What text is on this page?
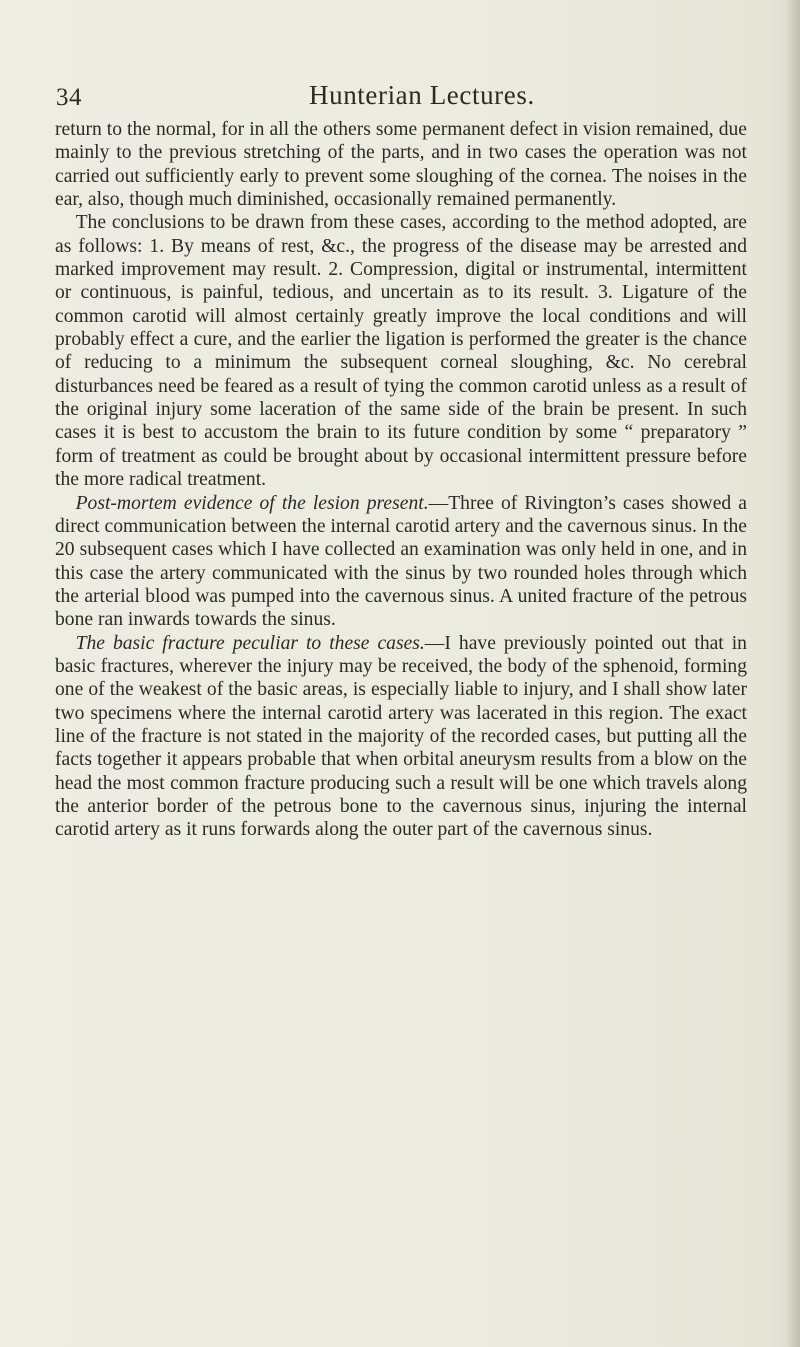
34	Hunterian Lectures.

return to the normal, for in all the others some permanent defect in vision remained, due mainly to the previous stretching of the parts, and in two cases the operation was not carried out sufficiently early to prevent some sloughing of the cornea. The noises in the ear, also, though much diminished, occasionally remained permanently.

The conclusions to be drawn from these cases, according to the method adopted, are as follows: 1. By means of rest, &c., the progress of the disease may be arrested and marked improvement may result. 2. Compression, digital or instrumental, intermittent or continuous, is painful, tedious, and uncertain as to its result. 3. Ligature of the common carotid will almost certainly greatly improve the local conditions and will probably effect a cure, and the earlier the ligation is performed the greater is the chance of reducing to a minimum the subsequent corneal sloughing, &c. No cerebral disturbances need be feared as a result of tying the common carotid unless as a result of the original injury some laceration of the same side of the brain be present. In such cases it is best to accustom the brain to its future condition by some “ preparatory ” form of treatment as could be brought about by occasional intermittent pressure before the more radical treatment.

Post-mortem evidence of the lesion present.—Three of Rivington’s cases showed a direct communication between the internal carotid artery and the cavernous sinus. In the 20 subsequent cases which I have collected an examination was only held in one, and in this case the artery communicated with the sinus by two rounded holes through which the arterial blood was pumped into the cavernous sinus. A united fracture of the petrous bone ran inwards towards the sinus.

The basic fracture peculiar to these cases.—I have previously pointed out that in basic fractures, wherever the injury may be received, the body of the sphenoid, forming one of the weakest of the basic areas, is especially liable to injury, and I shall show later two specimens where the internal carotid artery was lacerated in this region. The exact line of the fracture is not stated in the majority of the recorded cases, but putting all the facts together it appears probable that when orbital aneurysm results from a blow on the head the most common fracture producing such a result will be one which travels along the anterior border of the petrous bone to the cavernous sinus, injuring the internal carotid artery as it runs forwards along the outer part of the cavernous sinus.
